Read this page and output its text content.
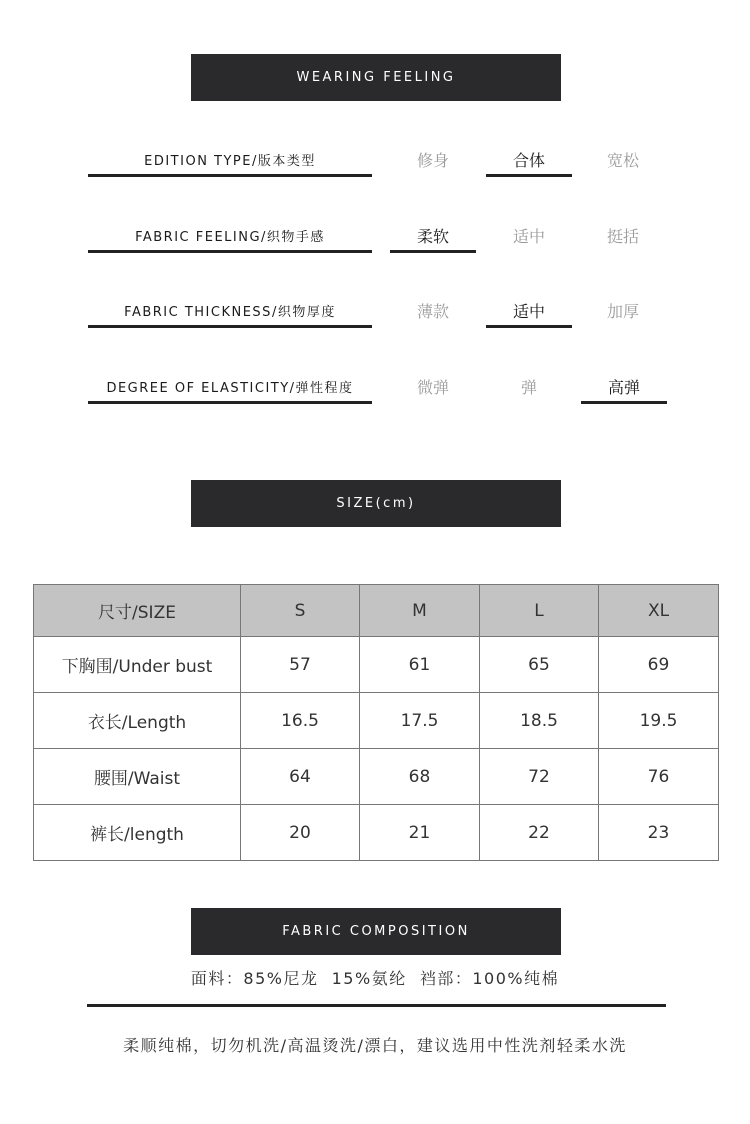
WEARING FEELING
EDITION TYPE/版本类型	修身	合体	宽松
FABRIC FEELING/织物手感	柔软	适中	挺括
FABRIC THICKNESS/织物厚度	薄款	适中	加厚
DEGREE OF ELASTICITY/弹性程度	微弹	弹	高弹
SIZE(cm)
尺寸/SIZE	S	M	L	XL
下胸围/Under bust	57	61	65	69
衣长/Length	16.5	17.5	18.5	19.5
腰围/Waist	64	68	72	76
裤长/length	20	21	22	23
FABRIC COMPOSITION
面料：85%尼龙  15%氨纶  裆部：100%纯棉
柔顺纯棉，切勿机洗/高温烫洗/漂白，建议选用中性洗剂轻柔水洗
